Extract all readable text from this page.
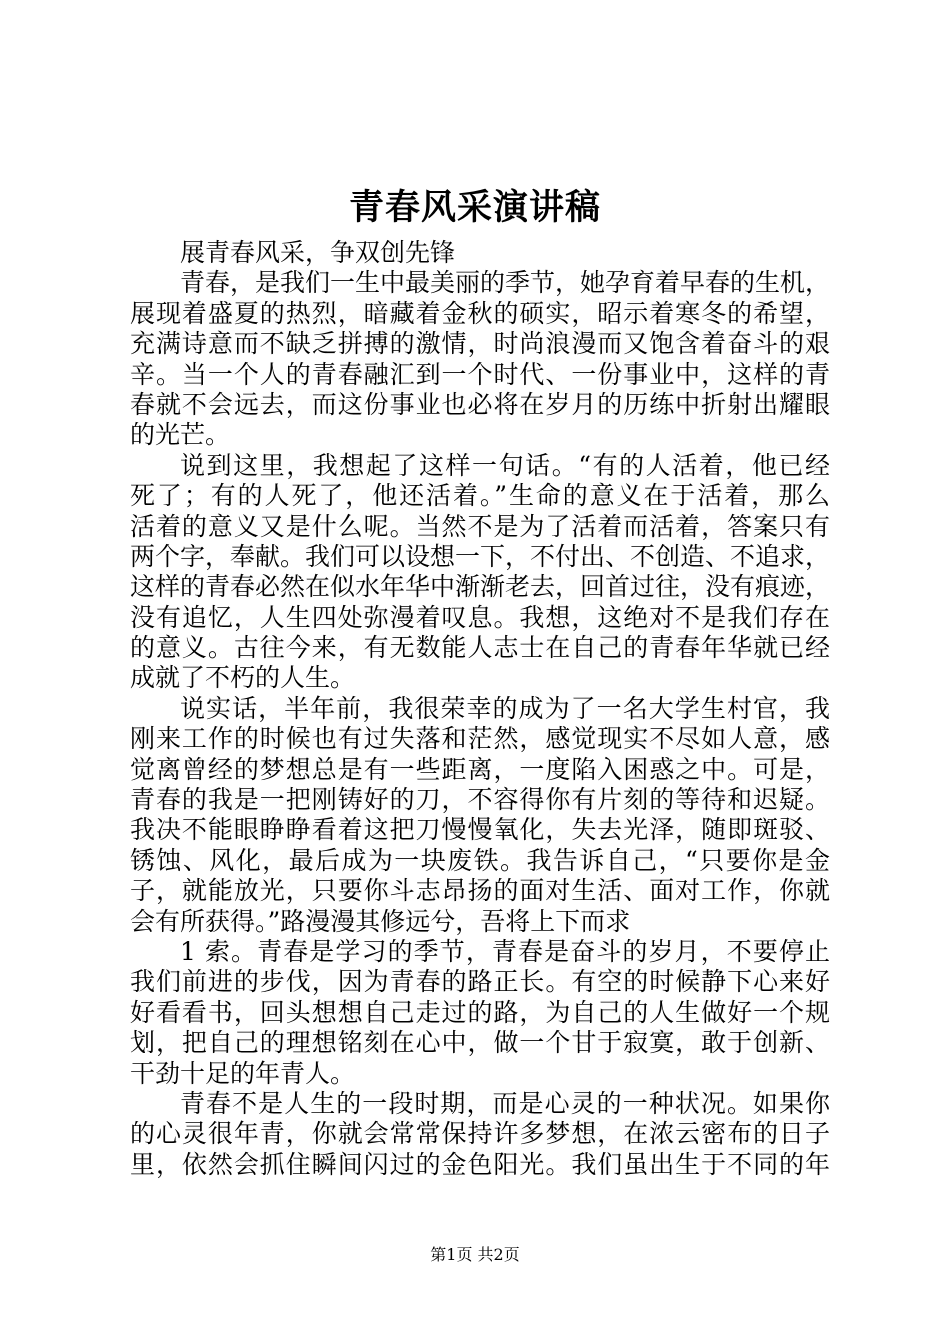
青春风采演讲稿
展青春风采，争双创先锋
青春，是我们一生中最美丽的季节，她孕育着早春的生机，
展现着盛夏的热烈，暗藏着金秋的硕实，昭示着寒冬的希望，
充满诗意而不缺乏拼搏的激情，时尚浪漫而又饱含着奋斗的艰
辛。当一个人的青春融汇到一个时代、一份事业中，这样的青
春就不会远去，而这份事业也必将在岁月的历练中折射出耀眼
的光芒。
说到这里，我想起了这样一句话。“有的人活着，他已经
死了；有的人死了，他还活着。”生命的意义在于活着，那么
活着的意义又是什么呢。当然不是为了活着而活着，答案只有
两个字，奉献。我们可以设想一下，不付出、不创造、不追求，
这样的青春必然在似水年华中渐渐老去，回首过往，没有痕迹，
没有追忆，人生四处弥漫着叹息。我想，这绝对不是我们存在
的意义。古往今来，有无数能人志士在自己的青春年华就已经
成就了不朽的人生。
说实话，半年前，我很荣幸的成为了一名大学生村官，我
刚来工作的时候也有过失落和茫然，感觉现实不尽如人意，感
觉离曾经的梦想总是有一些距离，一度陷入困惑之中。可是，
青春的我是一把刚铸好的刀，不容得你有片刻的等待和迟疑。
我决不能眼睁睁看着这把刀慢慢氧化，失去光泽，随即斑驳、
锈蚀、风化，最后成为一块废铁。我告诉自己，“只要你是金
子，就能放光，只要你斗志昂扬的面对生活、面对工作，你就
会有所获得。”路漫漫其修远兮，吾将上下而求
1 索。青春是学习的季节，青春是奋斗的岁月，不要停止
我们前进的步伐，因为青春的路正长。有空的时候静下心来好
好看看书，回头想想自己走过的路，为自己的人生做好一个规
划，把自己的理想铭刻在心中，做一个甘于寂寞，敢于创新、
干劲十足的年青人。
青春不是人生的一段时期，而是心灵的一种状况。如果你
的心灵很年青，你就会常常保持许多梦想，在浓云密布的日子
里，依然会抓住瞬间闪过的金色阳光。我们虽出生于不同的年
第1页 共2页
